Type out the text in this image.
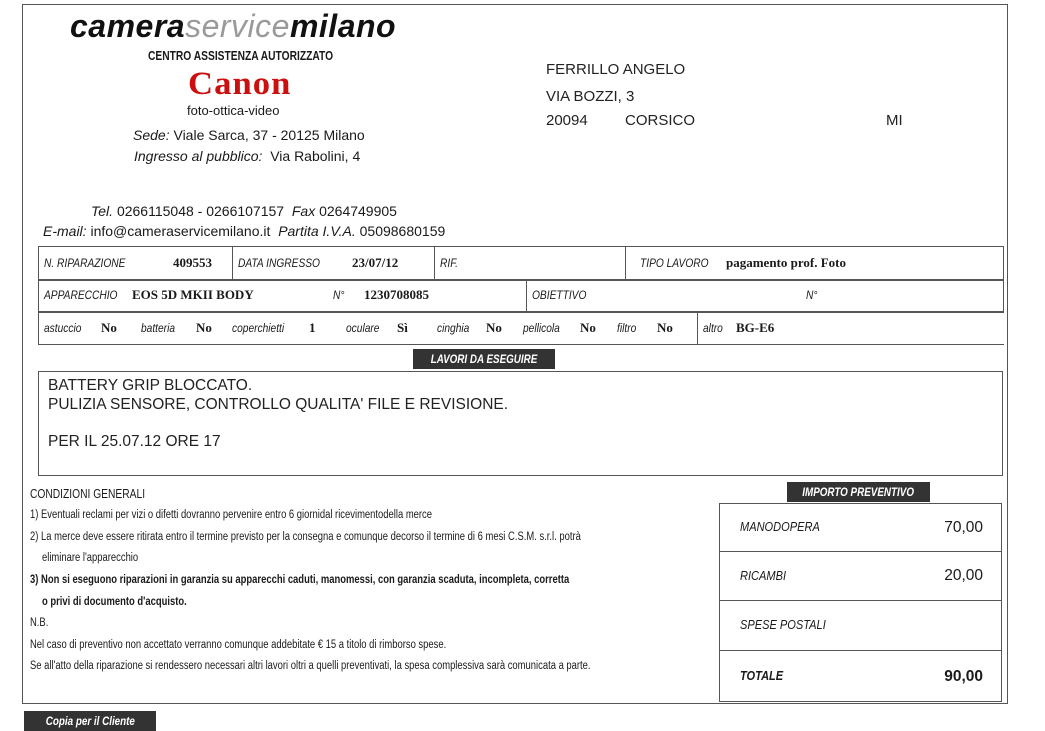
cameraservicemilano
CENTRO ASSISTENZA AUTORIZZATO
Canon
foto-ottica-video
Sede: Viale Sarca, 37 - 20125 Milano
Ingresso al pubblico: Via Rabolini, 4
Tel. 0266115048 - 0266107157 Fax 0264749905
E-mail: info@cameraservicemilano.it Partita I.V.A. 05098680159
FERRILLO ANGELO
VIA BOZZI, 3
20094 CORSICO	MI
N. RIPARAZIONE	409553 DATA INGRESSO 23/07/12	RIF.	TIPO LAVORO pagamento prof. Foto
APPARECCHIO EOS 5D MKII BODY	N° 1230708085	OBIETTIVO	N°
astuccio No batteria No coperchietti 1	oculare Sì cinghia No pellicola No filtro No	altro BG-E6
LAVORI DA ESEGUIRE
BATTERY GRIP BLOCCATO.
PULIZIA SENSORE, CONTROLLO QUALITA' FILE E REVISIONE.
PER IL 25.07.12 ORE 17
CONDIZIONI GENERALI
1) Eventuali reclami per vizi o difetti dovranno pervenire entro 6 giornidal ricevimentodella merce
2) La merce deve essere ritirata entro il termine previsto per la consegna e comunque decorso il termine di 6 mesi C.S.M. s.r.l. potrà
eliminare l'apparecchio
3) Non si eseguono riparazioni in garanzia su apparecchi caduti, manomessi, con garanzia scaduta, incompleta, corretta
o privi di documento d'acquisto.
N.B.
Nel caso di preventivo non accettato verranno comunque addebitate € 15 a titolo di rimborso spese.
Se all'atto della riparazione si rendessero necessari altri lavori oltri a quelli preventivati, la spesa complessiva sarà comunicata a parte.
IMPORTO PREVENTIVO
MANODOPERA	70,00
RICAMBI	20,00
SPESE POSTALI
TOTALE	90,00
Copia per il Cliente
